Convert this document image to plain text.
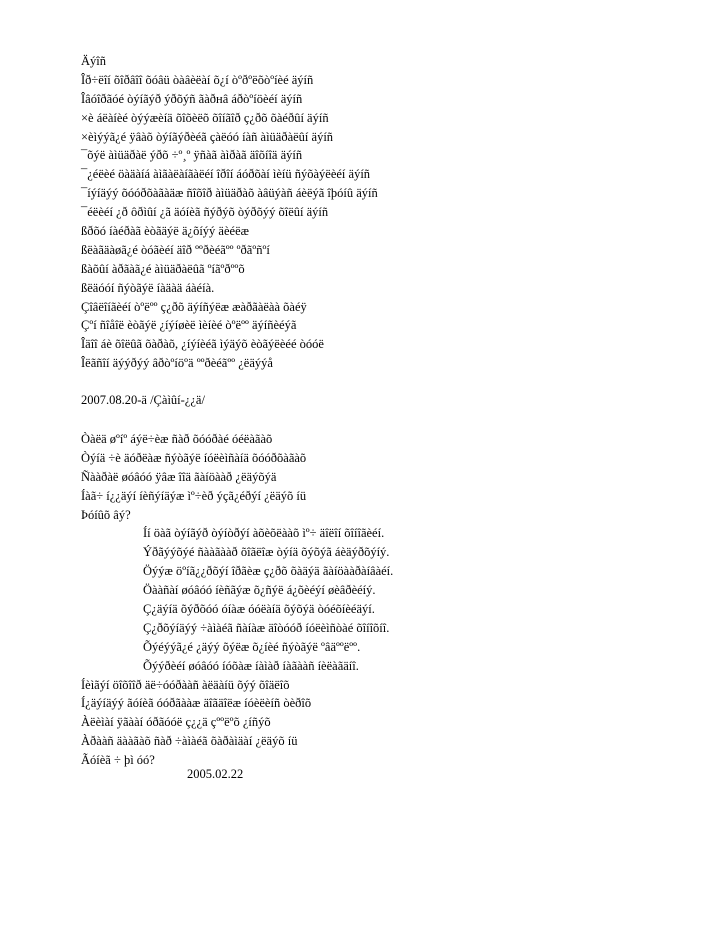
Äýîñ
Îð÷ëîí õîðâîî õóâü òàâèëàí õ¿í òºðºëõòºíèé äýíñ
Îâóîðãóé òýíãýð ýðõýñ ãàðнâ áðòºíöèéí äýíñ
×è áëàíèé òýýæèíä õîõèëõ õîíãîð ç¿ðõ õàéðûí äýíñ
×èìýýã¿é ÿâàõ òýíãýðèéã çàëóó íàñ àìüäðàëûí äýíñ
¯õýë àìüäðàë ýðõ ÷º¸º ÿñàã àìðàã äîõíîä äýíñ
¯¿éëèé öàäàíá àìãàëàíãàëéí îðîí áóðõàí ìèíü ñýõàýëèéí äýíñ
¯íýíäýý õóóðõàãàäæ ñîõîð àìüäðàõ àâüýàñ áèëýã îþóíû äýíñ
¯éëèéí ¿ð ôðìûí ¿ã äóíèã ñýðýõ òýðõýý õîëûí äýíñ
ßðõó íàéðàã èòãäýë ä¿õíýý äèéëæ
ßëàãäàøã¿é òóãèéí äîð ººðèéãºº ºðãºñºí
ßàõûí àðãàã¿é àìüäðàëûã ºíãºðººõ
ßëäóóí ñýòãýë íàäàä áàéíà.
Çîâëîíãèéí òºëºº ç¿ðõ äýíñýëæ æàðãàëàà õàéÿ
Çºí ñîåîë èòãýë ¿íýíøèë ìèíèé òºëºº äýíñèéýã
Îäîî áè õîëûã õàðàõ, ¿íýíèéã ìýäýõ èòãýëèéé òóóë
Îëãñîí äýýðýý âðòºíöºä ººðèéãºº ¿ëäýýå
2007.08.20-ä /Çàìûí-¿¿ä/
Òàëä øºíº áýë÷èæ ñàð õóóðàé óéëàãàõ
Òýíä ÷è äóðëàæ ñýòãýë íóëèìñàíä õóóðõàãàõ
Ñààðàë øóâóó ÿâæ îîä ãàíöààð ¿ëäýõýä
Íàã÷ í¿¿äýí íèñýíäýæ ìº÷èð ýçã¿éðýí ¿ëäýõ íü
Þóíûõ âý?
Íí öàã òýíãýð òýíòðýí àõèõëààõ ìº÷ äîëîí õîíîãèéí.
Ýðãýýõýé ñààãààð õîãëîæ òýíä õýõýã áèäýðõýíý.
Öýýæ öºíã¿¿ðõýí îðãèæ ç¿ðõ õàäýä ãàíöààðàíâàéí.
Öààñàí øóâóó íèñãýæ õ¿ñýë á¿õèéýí øèâðèéíý.
Ç¿äýíä õýðõóó óíàæ óóëàíä õýõýä òóéõíèéäýí.
Ç¿ðõýíäýý ÷àìàéã ñàíàæ äîòóóð íóëèìñòàé õîíîõíî.
Õýéýýã¿é ¿äýý õýëæ õ¿íèé ñýòãýë ºâäººëºº.
Õýýðèéí øóâóó íóõàæ íàìàð íàãààñ íèëàãäíî.
Íèìãýí öîõîîð äë÷óóðààñ àëäàíü õýý õîäëîõ
Í¿äýíäýý ãóíèã óóðãààæ äîãäîëæ íóèëèíñ òèðîõ
Àëèìàí ÿãààí óðãóóë ç¿¿ä çººëºõ ¿íñýõ
Àðààñ äààãàõ ñàð ÷àìàéã õàðàìäàí ¿ëäýõ íü
Ãóíèã ÷ þì óó?
2005.02.22
